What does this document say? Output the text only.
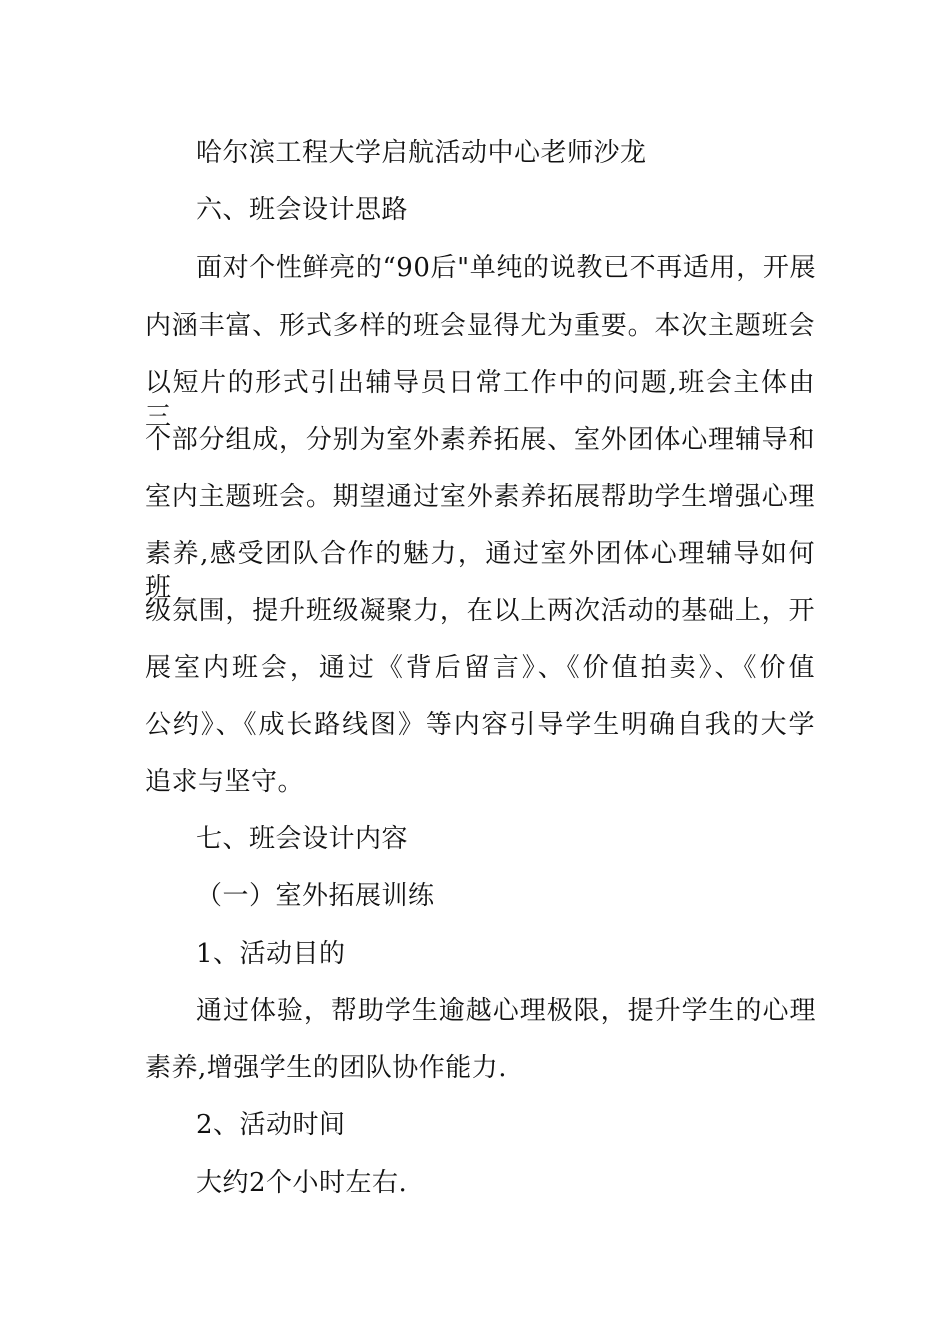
哈尔滨工程大学启航活动中心老师沙龙
六、班会设计思路
面对个性鲜亮的“90后"单纯的说教已不再适用，开展
内涵丰富、形式多样的班会显得尤为重要。本次主题班会
以短片的形式引出辅导员日常工作中的问题,班会主体由三
个部分组成，分别为室外素养拓展、室外团体心理辅导和
室内主题班会。期望通过室外素养拓展帮助学生增强心理
素养,感受团队合作的魅力，通过室外团体心理辅导如何班
级氛围，提升班级凝聚力，在以上两次活动的基础上，开
展室内班会，通过《背后留言》、《价值拍卖》、《价值
公约》、《成长路线图》等内容引导学生明确自我的大学
追求与坚守。
七、班会设计内容
（一）室外拓展训练
1、活动目的
通过体验，帮助学生逾越心理极限，提升学生的心理
素养,增强学生的团队协作能力.
2、活动时间
大约2个小时左右.
